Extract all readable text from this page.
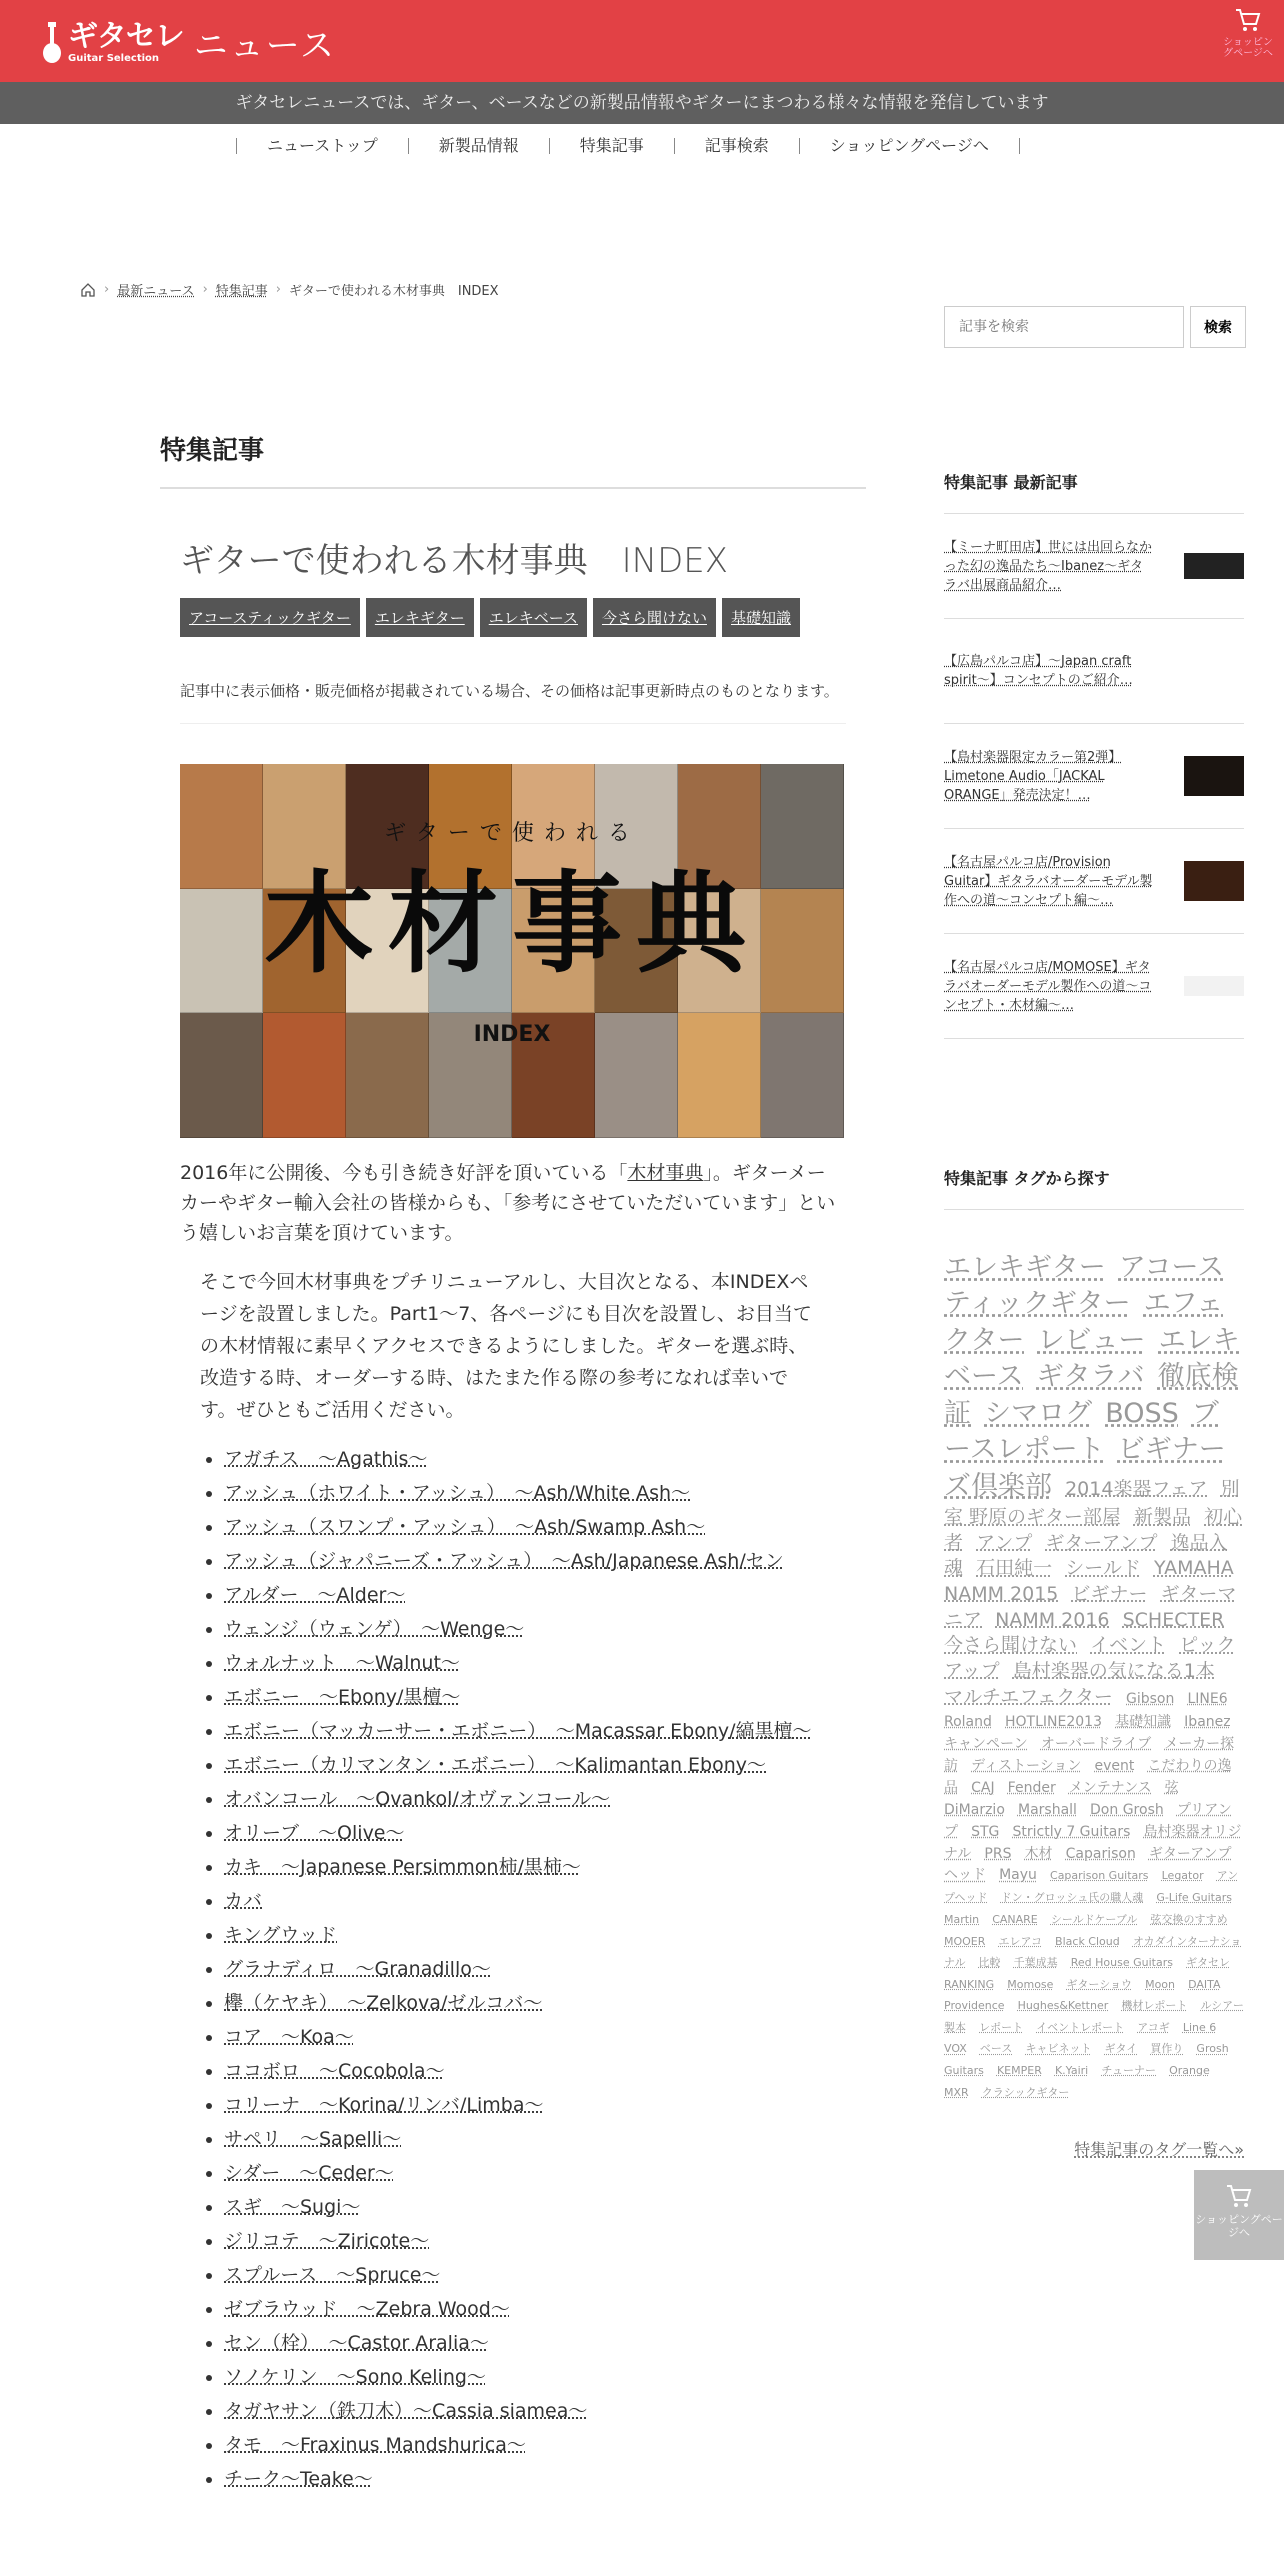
ギタセレ
Guitar Selection	ニュース	ショッピングページへ
ギタセレニュースでは、ギター、ベースなどの新製品情報やギターにまつわる様々な情報を発信しています
ニューストップ	新製品情報	特集記事	記事検索	ショッピングページへ
› 最新ニュース › 特集記事 › ギターで使われる木材事典　INDEX
記事を検索
検索
特集記事
ギターで使われる木材事典　INDEX
アコースティックギター	エレキギター	エレキベース	今さら聞けない	基礎知識
記事中に表示価格・販売価格が掲載されている場合、その価格は記事更新時点のものとなります。
ギターで使われる
木材事典
INDEX
2016年に公開後、今も引き続き好評を頂いている「木材事典」。ギターメーカーやギター輸入会社の皆様からも、「参考にさせていただいています」という嬉しいお言葉を頂けています。
そこで今回木材事典をプチリニューアルし、大目次となる、本INDEXページを設置しました。Part1〜7、各ページにも目次を設置し、お目当ての木材情報に素早くアクセスできるようにしました。ギターを選ぶ時、改造する時、オーダーする時、はたまた作る際の参考になれば幸いです。ぜひともご活用ください。
• アガチス　〜Agathis〜
• アッシュ（ホワイト・アッシュ）　〜Ash/White Ash〜
• アッシュ（スワンプ・アッシュ）　〜Ash/Swamp Ash〜
• アッシュ（ジャパニーズ・アッシュ）　〜Ash/Japanese Ash/セン
• アルダー　〜Alder〜
• ウェンジ（ウェンゲ）　〜Wenge〜
• ウォルナット　〜Walnut〜
• エボニー　〜Ebony/黒檀〜
• エボニー（マッカーサー・エボニー）　〜Macassar Ebony/縞黒檀〜
• エボニー（カリマンタン・エボニー）　〜Kalimantan Ebony〜
• オバンコール　〜Ovankol/オヴァンコール〜
• オリーブ　〜Olive〜
• カキ　〜Japanese Persimmon柿/黒柿〜
• カバ
• キングウッド
• グラナディロ　〜Granadillo〜
• 欅（ケヤキ）　〜Zelkova/ゼルコバ〜
• コア　〜Koa〜
• ココボロ　〜Cocobola〜
• コリーナ　〜Korina/リンバ/Limba〜
• サペリ　〜Sapelli〜
• シダー　〜Ceder〜
• スギ　〜Sugi〜
• ジリコテ　〜Ziricote〜
• スプルース　〜Spruce〜
• ゼブラウッド　〜Zebra Wood〜
• セン（栓）　〜Castor Aralia〜
• ソノケリン　〜Sono Keling〜
• タガヤサン（鉄刀木）〜Cassia siamea〜
• タモ　〜Fraxinus Mandshurica〜
• チーク〜Teake〜
特集記事 最新記事
【ミーナ町田店】世には出回らなかった幻の逸品たち〜Ibanez〜ギタラバ出展商品紹介…
【広島パルコ店】〜Japan craft spirit〜】コンセプトのご紹介…
【島村楽器限定カラー第2弾】Limetone Audio「JACKAL ORANGE」発売決定！…
【名古屋パルコ店/Provision Guitar】ギタラバオーダーモデル製作への道〜コンセプト編〜…
【名古屋パルコ店/MOMOSE】ギタラバオーダーモデル製作への道〜コンセプト・木材編〜…
特集記事 タグから探す
エレキギター アコースティックギター エフェクター レビュー エレキベース ギタラバ 徹底検証 シマログ BOSS ブースレポート ビギナーズ倶楽部 2014楽器フェア 別室 野原のギター部屋 新製品 初心者 アンプ ギターアンプ 逸品入魂 石田純一 シールド YAMAHA NAMM 2015 ビギナー ギターマニア NAMM 2016 SCHECTER 今さら聞けない イベント ピックアップ 島村楽器の気になる1本 マルチエフェクター Gibson LINE6 Roland HOTLINE2013 基礎知識 Ibanez キャンペーン オーバードライブ メーカー探訪 ディストーション event こだわりの逸品 CAJ Fender メンテナンス 弦 DiMarzio Marshall Don Grosh プリアンプ STG Strictly 7 Guitars 島村楽器オリジナル PRS 木材 Caparison ギターアンプヘッド Mayu Caparison Guitars Legator アンプヘッド ドン・グロッシュ氏の職人魂 G-Life Guitars Martin CANARE シールドケーブル 弦交換のすすめ MOOER エレアコ Black Cloud オカダインターナショナル 比較 千葉成基 Red House Guitars ギタセレ RANKING Momose ギターショウ Moon DAITA Providence Hughes&Kettner 機材レポート ルシアー製本 レポート イベントレポート アコギ Line 6 VOX ベース キャビネット ギタイ 買作り Grosh Guitars KEMPER K.Yairi チューナー Orange MXR クラシックギター
特集記事のタグ一覧へ»
ショッピングページへ
